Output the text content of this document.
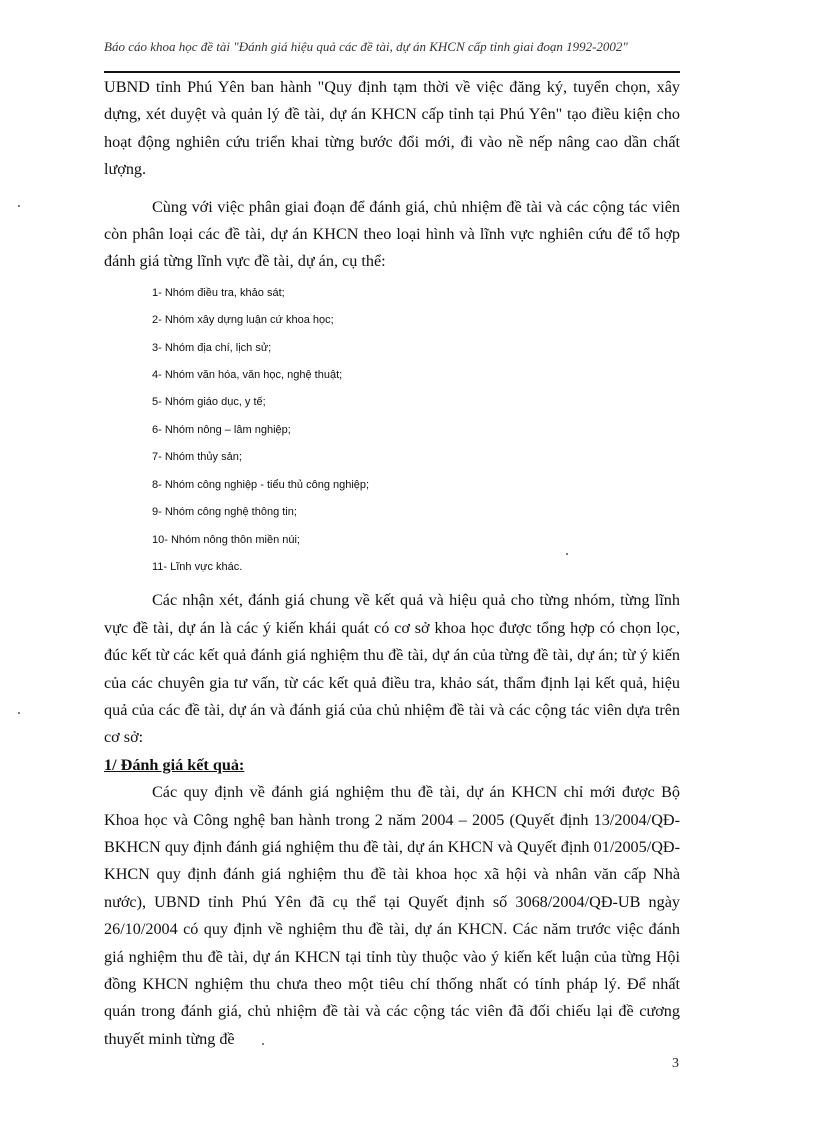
Báo cáo khoa học đề tài "Đánh giá hiệu quả các đề tài, dự án KHCN cấp tỉnh giai đoạn 1992-2002"

UBND tỉnh Phú Yên ban hành "Quy định tạm thời về việc đăng ký, tuyển chọn, xây dựng, xét duyệt và quản lý đề tài, dự án KHCN cấp tỉnh tại Phú Yên" tạo điều kiện cho hoạt động nghiên cứu triển khai từng bước đổi mới, đi vào nề nếp nâng cao dần chất lượng.

Cùng với việc phân giai đoạn để đánh giá, chủ nhiệm đề tài và các cộng tác viên còn phân loại các đề tài, dự án KHCN theo loại hình và lĩnh vực nghiên cứu để tổ hợp đánh giá từng lĩnh vực đề tài, dự án, cụ thể:

1- Nhóm điều tra, khảo sát;
2- Nhóm xây dựng luận cứ khoa học;
3- Nhóm địa chí, lịch sử;
4- Nhóm văn hóa, văn học, nghệ thuật;
5- Nhóm giáo dục, y tế;
6- Nhóm nông – lâm nghiệp;
7- Nhóm thủy sản;
8- Nhóm công nghiệp - tiểu thủ công nghiệp;
9- Nhóm công nghệ thông tin;
10- Nhóm nông thôn miền núi;
11- Lĩnh vực khác.

Các nhận xét, đánh giá chung về kết quả và hiệu quả cho từng nhóm, từng lĩnh vực đề tài, dự án là các ý kiến khái quát có cơ sở khoa học được tổng hợp có chọn lọc, đúc kết từ các kết quả đánh giá nghiệm thu đề tài, dự án của từng đề tài, dự án; từ ý kiến của các chuyên gia tư vấn, từ các kết quả điều tra, khảo sát, thẩm định lại kết quả, hiệu quả của các đề tài, dự án và đánh giá của chủ nhiệm đề tài và các cộng tác viên dựa trên cơ sở:

1/ Đánh giá kết quả:

Các quy định về đánh giá nghiệm thu đề tài, dự án KHCN chỉ mới được Bộ Khoa học và Công nghệ ban hành trong 2 năm 2004 – 2005 (Quyết định 13/2004/QĐ-BKHCN quy định đánh giá nghiệm thu đề tài, dự án KHCN và Quyết định 01/2005/QĐ- KHCN quy định đánh giá nghiệm thu đề tài khoa học xã hội và nhân văn cấp Nhà nước), UBND tỉnh Phú Yên đã cụ thể tại Quyết định số 3068/2004/QĐ-UB ngày 26/10/2004 có quy định về nghiệm thu đề tài, dự án KHCN. Các năm trước việc đánh giá nghiệm thu đề tài, dự án KHCN tại tỉnh tùy thuộc vào ý kiến kết luận của từng Hội đồng KHCN nghiệm thu chưa theo một tiêu chí thống nhất có tính pháp lý. Để nhất quán trong đánh giá, chủ nhiệm đề tài và các cộng tác viên đã đối chiếu lại đề cương thuyết minh từng đề

3
